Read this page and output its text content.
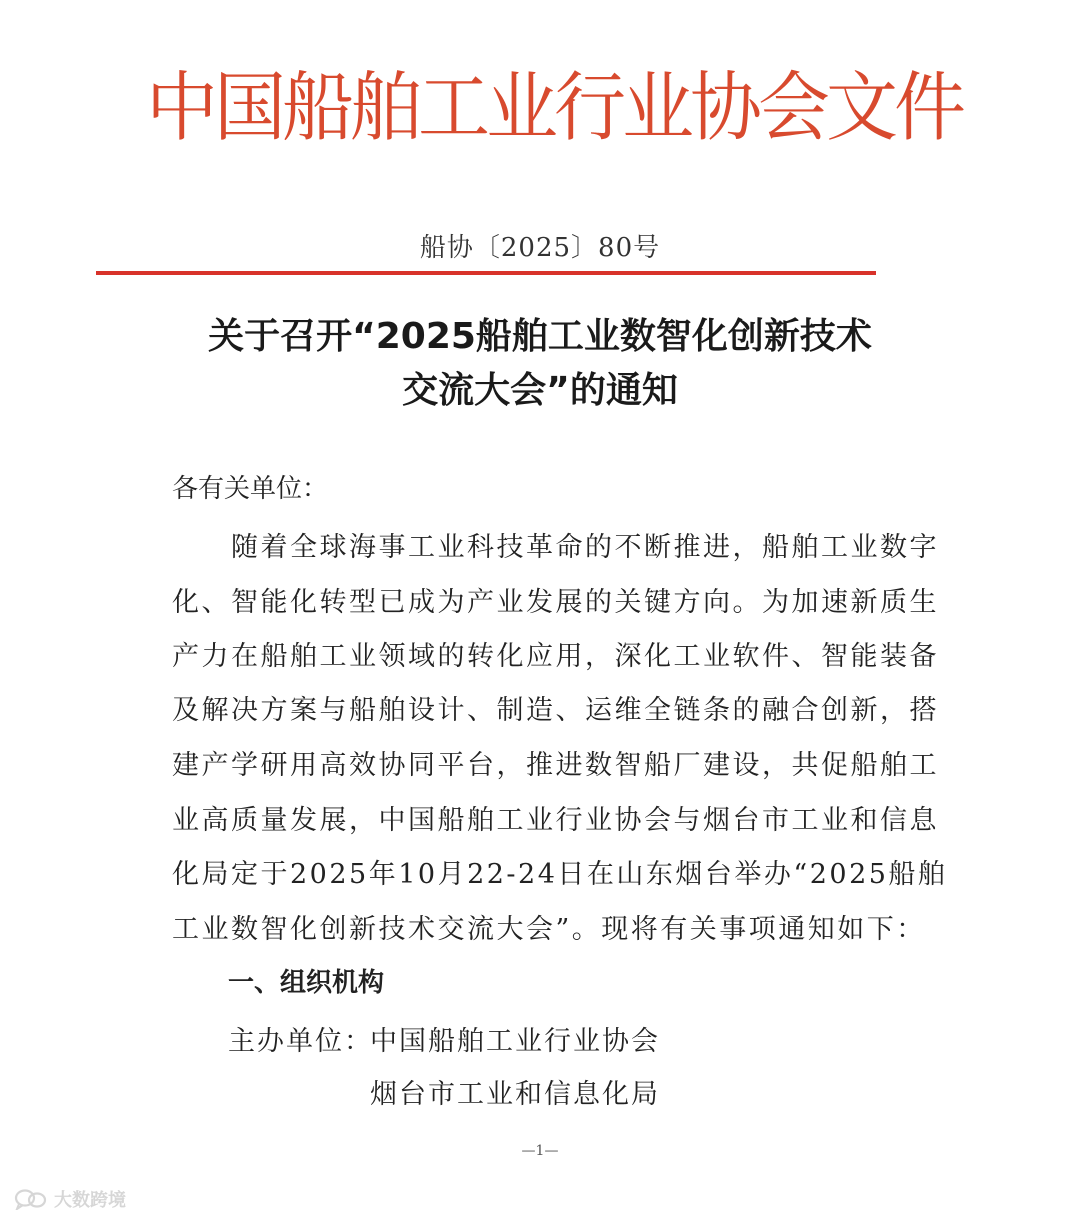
中国船舶工业行业协会文件
船协〔2025〕80号
关于召开“2025船舶工业数智化创新技术
交流大会”的通知
各有关单位：
　　随着全球海事工业科技革命的不断推进，船舶工业数字
化、智能化转型已成为产业发展的关键方向。为加速新质生
产力在船舶工业领域的转化应用，深化工业软件、智能装备
及解决方案与船舶设计、制造、运维全链条的融合创新，搭
建产学研用高效协同平台，推进数智船厂建设，共促船舶工
业高质量发展，中国船舶工业行业协会与烟台市工业和信息
化局定于2025年10月22-24日在山东烟台举办“2025船舶
工业数智化创新技术交流大会”。现将有关事项通知如下：
一、组织机构
主办单位：
中国船舶工业行业协会
烟台市工业和信息化局
—1—
大数跨境
